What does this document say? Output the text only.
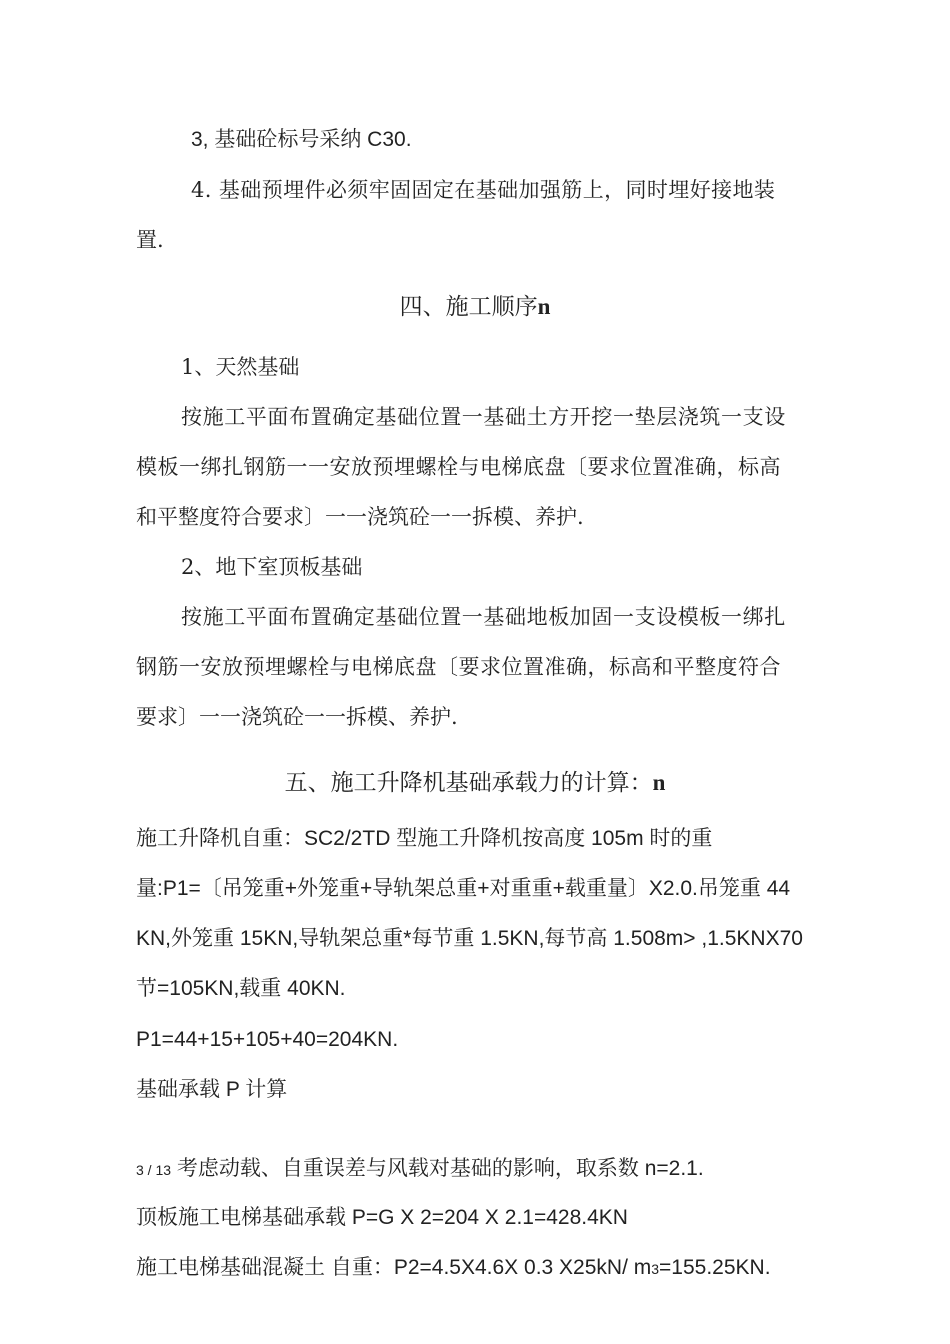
3, 基础砼标号采纳 C30.
4. 基础预埋件必须牢固固定在基础加强筋上，同时埋好接地装
置.
四、施工顺序n
1、天然基础
按施工平面布置确定基础位置一基础土方开挖一垫层浇筑一支设
模板一绑扎钢筋一一安放预埋螺栓与电梯底盘〔要求位置准确，标高
和平整度符合要求〕一一浇筑砼一一拆模、养护.
2、地下室顶板基础
按施工平面布置确定基础位置一基础地板加固一支设模板一绑扎
钢筋一安放预埋螺栓与电梯底盘〔要求位置准确，标高和平整度符合
要求〕一一浇筑砼一一拆模、养护.
五、施工升降机基础承载力的计算：n
施工升降机自重：SC2/2TD 型施工升降机按高度 105m 时的重
量:P1=〔吊笼重+外笼重+导轨架总重+对重重+载重量〕X2.0.吊笼重 44
KN,外笼重 15KN,导轨架总重*每节重 1.5KN,每节高 1.508m> ,1.5KNX70
节=105KN,载重 40KN.
P1=44+15+105+40=204KN.
基础承载 P 计算
3 / 13 考虑动载、自重误差与风载对基础的影响，取系数 n=2.1.
顶板施工电梯基础承载 P=G X 2=204 X 2.1=428.4KN
施工电梯基础混凝土 自重：P2=4.5X4.6X 0.3 X25kN/ m3=155.25KN.
